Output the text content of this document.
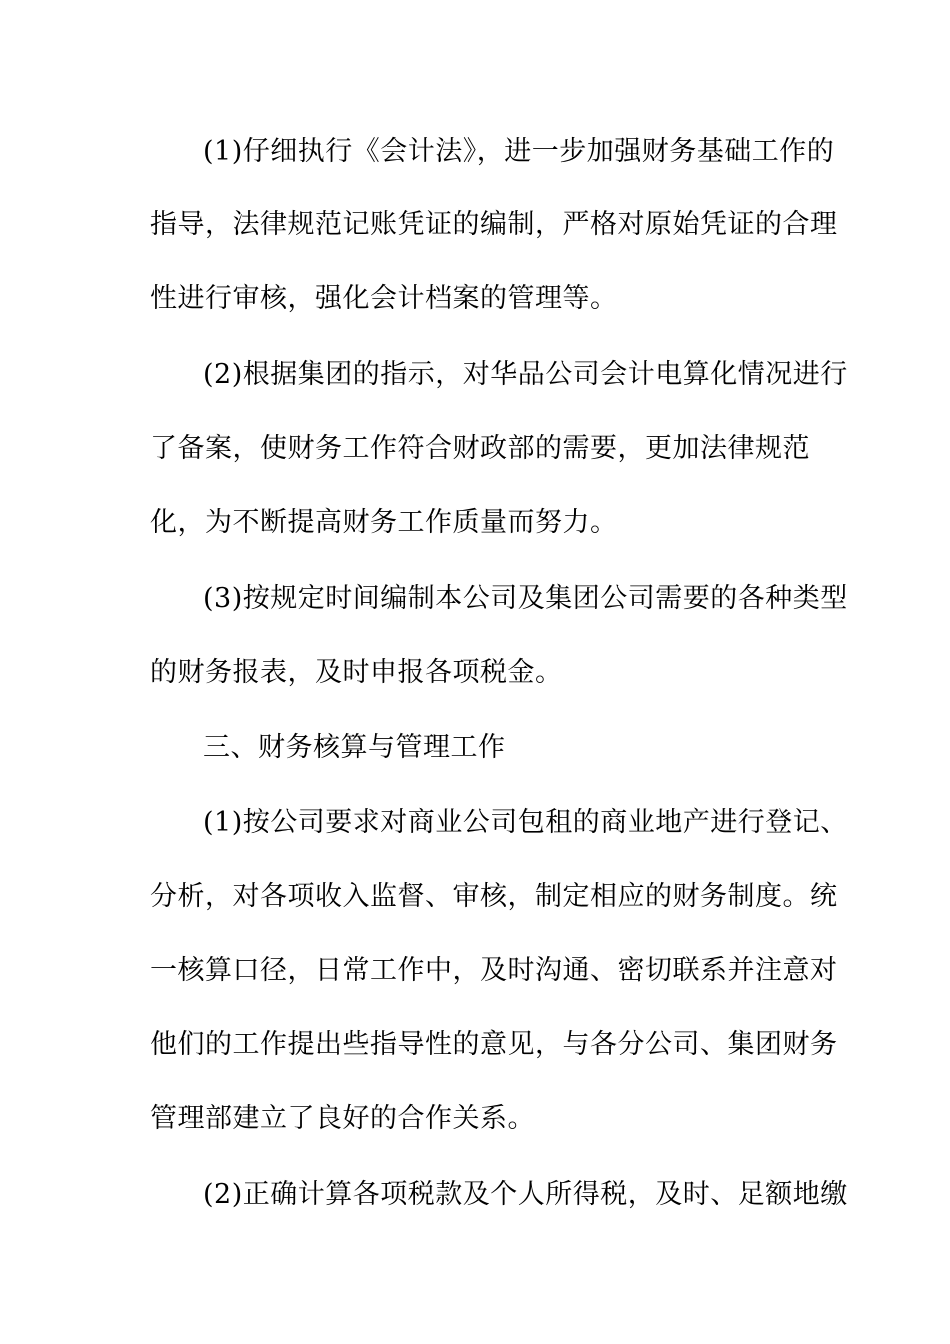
(1)仔细执行《会计法》，进一步加强财务基础工作的
指导，法律规范记账凭证的编制，严格对原始凭证的合理
性进行审核，强化会计档案的管理等。
(2)根据集团的指示，对华品公司会计电算化情况进行
了备案，使财务工作符合财政部的需要，更加法律规范
化，为不断提高财务工作质量而努力。
(3)按规定时间编制本公司及集团公司需要的各种类型
的财务报表，及时申报各项税金。
三、财务核算与管理工作
(1)按公司要求对商业公司包租的商业地产进行登记、
分析，对各项收入监督、审核，制定相应的财务制度。统
一核算口径，日常工作中，及时沟通、密切联系并注意对
他们的工作提出些指导性的意见，与各分公司、集团财务
管理部建立了良好的合作关系。
(2)正确计算各项税款及个人所得税，及时、足额地缴
